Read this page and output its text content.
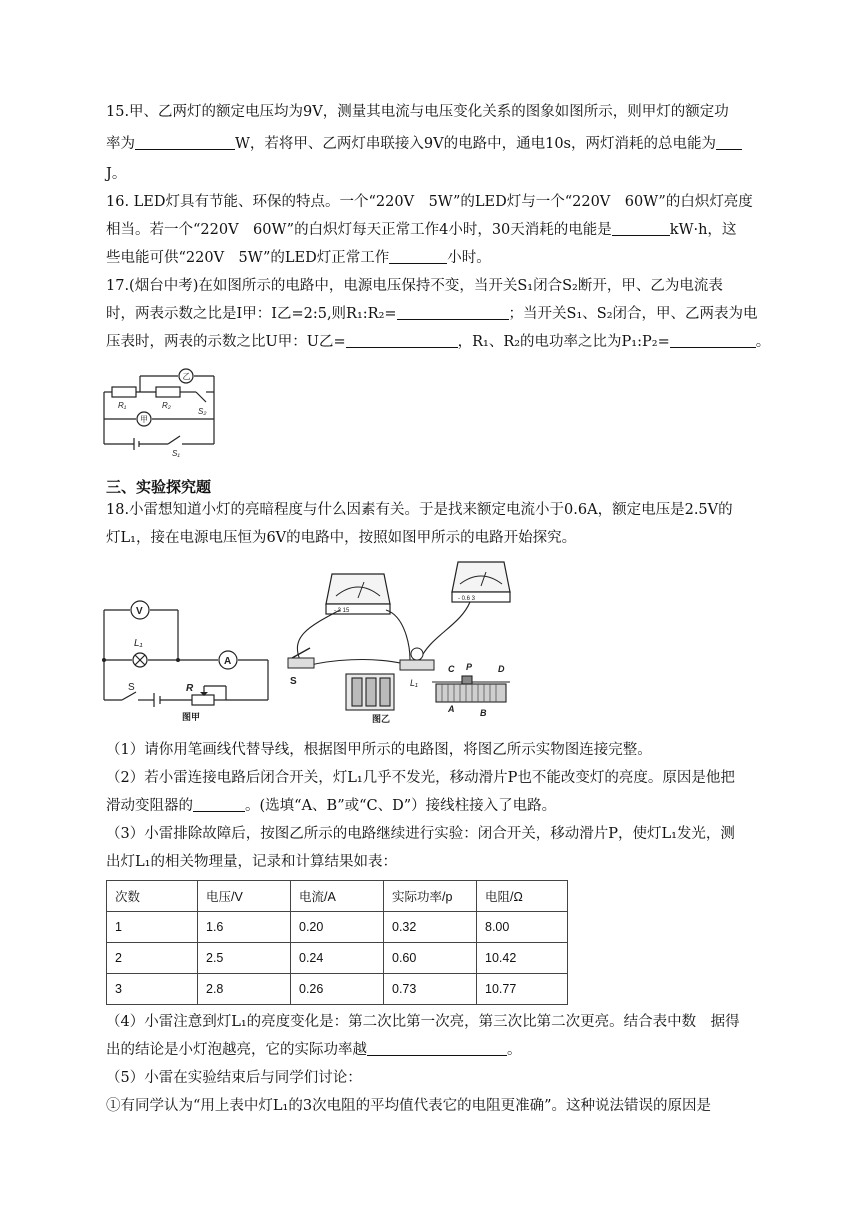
15.甲、乙两灯的额定电压均为9V，测量其电流与电压变化关系的图象如图所示，则甲灯的额定功
率为	W，若将甲、乙两灯串联接入9V的电路中，通电10s，两灯消耗的总电能为
J。
16. LED灯具有节能、环保的特点。一个“220V　5W”的LED灯与一个“220V　60W”的白炽灯亮度
相当。若一个“220V　60W”的白炽灯每天正常工作4小时，30天消耗的电能是	kW·h，这
些电能可供“220V　5W”的LED灯正常工作	小时。
17.(烟台中考)在如图所示的电路中，电源电压保持不变，当开关S₁闭合S₂断开，甲、乙为电流表
时，两表示数之比是I甲：I乙=2:5,则R₁:R₂=	；当开关S₁、S₂闭合，甲、乙两表为电
压表时，两表的示数之比U甲：U乙=	，R₁、R₂的电功率之比为P₁:P₂=	。
乙
甲
R₁	R₂
S₂
S₁
三、实验探究题
18.小雷想知道小灯的亮暗程度与什么因素有关。于是找来额定电流小于0.6A，额定电压是2.5V的
灯L₁，接在电源电压恒为6V的电路中，按照如图甲所示的电路开始探究。
V
A
L₁
S	R
图甲
- 3 15
- 0.6 3
L₁
S
C P	D
A	B
图乙
（1）请你用笔画线代替导线，根据图甲所示的电路图，将图乙所示实物图连接完整。
（2）若小雷连接电路后闭合开关，灯L₁几乎不发光，移动滑片P也不能改变灯的亮度。原因是他把
滑动变阻器的	。(选填“A、B”或“C、D”）接线柱接入了电路。
（3）小雷排除故障后，按图乙所示的电路继续进行实验：闭合开关，移动滑片P，使灯L₁发光，测
出灯L₁的相关物理量，记录和计算结果如表：
次数	电压/V	电流/A	实际功率/p	电阻/Ω
1	1.6	0.20	0.32	8.00
2	2.5	0.24	0.60	10.42
3	2.8	0.26	0.73	10.77
（4）小雷注意到灯L₁的亮度变化是：第二次比第一次亮，第三次比第二次更亮。结合表中数　据得
出的结论是小灯泡越亮，它的实际功率越	。
（5）小雷在实验结束后与同学们讨论：
①有同学认为“用上表中灯L₁的3次电阻的平均值代表它的电阻更准确”。这种说法错误的原因是
